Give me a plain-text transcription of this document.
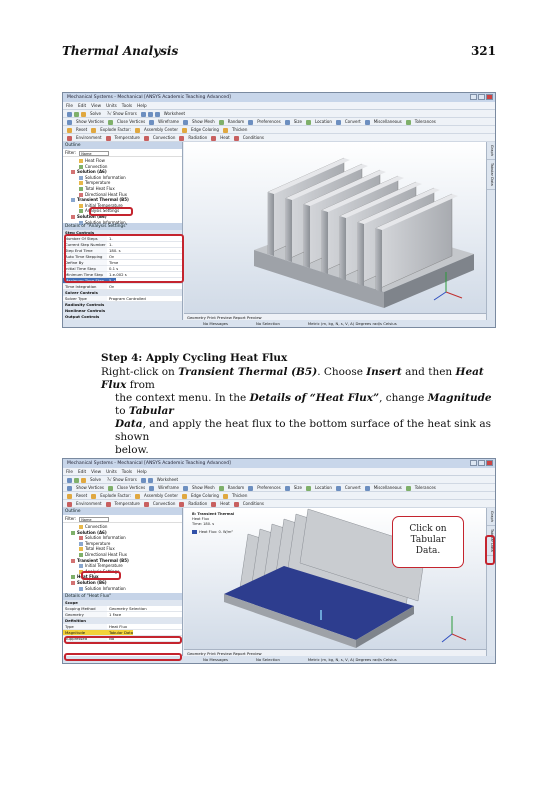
Thermal Analysis	321
Mechanical Systems - Mechanical [ANSYS Academic Teaching Advanced]
File Edit View Units Tools Help
Solve ?√ Show Errors	Worksheet
Show Vertices	Close Vertices	Wireframe	Show Mesh	Random	Preferences	Size	Location	Convert	Miscellaneous	Tolerances
Reset	Explode Factor:	Assembly Center	Edge Coloring	Thicken
Environment	Temperature	Convection	Radiation	Heat	Conditions
Outline
Filter: Name
Heat Flow
Convection
Solution (A6)
Solution Information
Temperature
Total Heat Flux
Directional Heat Flux
Transient Thermal (B5)
Initial Temperature
Analysis Settings
Solution (B6)
Details of "Analysis Settings"
Step Controls
Number Of Steps	1.
Current Step Number 1.
Step End Time	180. s
Auto Time Stepping	On
Define By	Time
Initial Time Step	0.1 s
Minimum Time Step	1.e-002 s
Maximum Time Step	5. s
Time Integration	On
Solver Controls
Solver Type	Program Controlled
Radiosity Controls
Nonlinear Controls
Output Controls
Graph
Tabular Data
Geometry Print Preview Report Preview
No Messages	No Selection	Metric (m, kg, N, s, V, A) Degrees rad/s Celsius
Step 4: Apply Cycling Heat Flux

Right-click on Transient Thermal (B5). Choose Insert and then Heat Flux from

the context menu. In the Details of “Heat Flux”, change Magnitude to Tabular
Data, and apply the heat flux to the bottom surface of the heat sink as shown
below.

Mechanical Systems - Mechanical [ANSYS Academic Teaching Advanced]
File Edit View Units Tools Help
Solve ?√ Show Errors	Worksheet
Show Vertices	Close Vertices	Wireframe	Show Mesh	Random	Preferences	Size	Location	Convert	Miscellaneous	Tolerances
Reset	Explode Factor:	Assembly Center	Edge Coloring	Thicken
Environment	Temperature	Convection	Radiation	Heat	Conditions
Outline
Filter: Name
Convection
Solution (A6)
Solution Information
Temperature
Total Heat Flux
Directional Heat Flux
Transient Thermal (B5)
Initial Temperature
Analysis Settings
Heat Flux
Solution (B6)
Solution Information
Details of "Heat Flux"
Scope
Scoping Method	Geometry Selection
Geometry	1 Face
Definition
Type	Heat Flux
Magnitude	Tabular Data
Suppressed	No
B: Transient Thermal
Heat Flux
Time: 180. s
Heat Flux: 0. W/m²	Click on
Tabular
Data.
Graph
Tabular Data
Geometry Print Preview Report Preview
No Messages	No Selection	Metric (m, kg, N, s, V, A) Degrees rad/s Celsius
